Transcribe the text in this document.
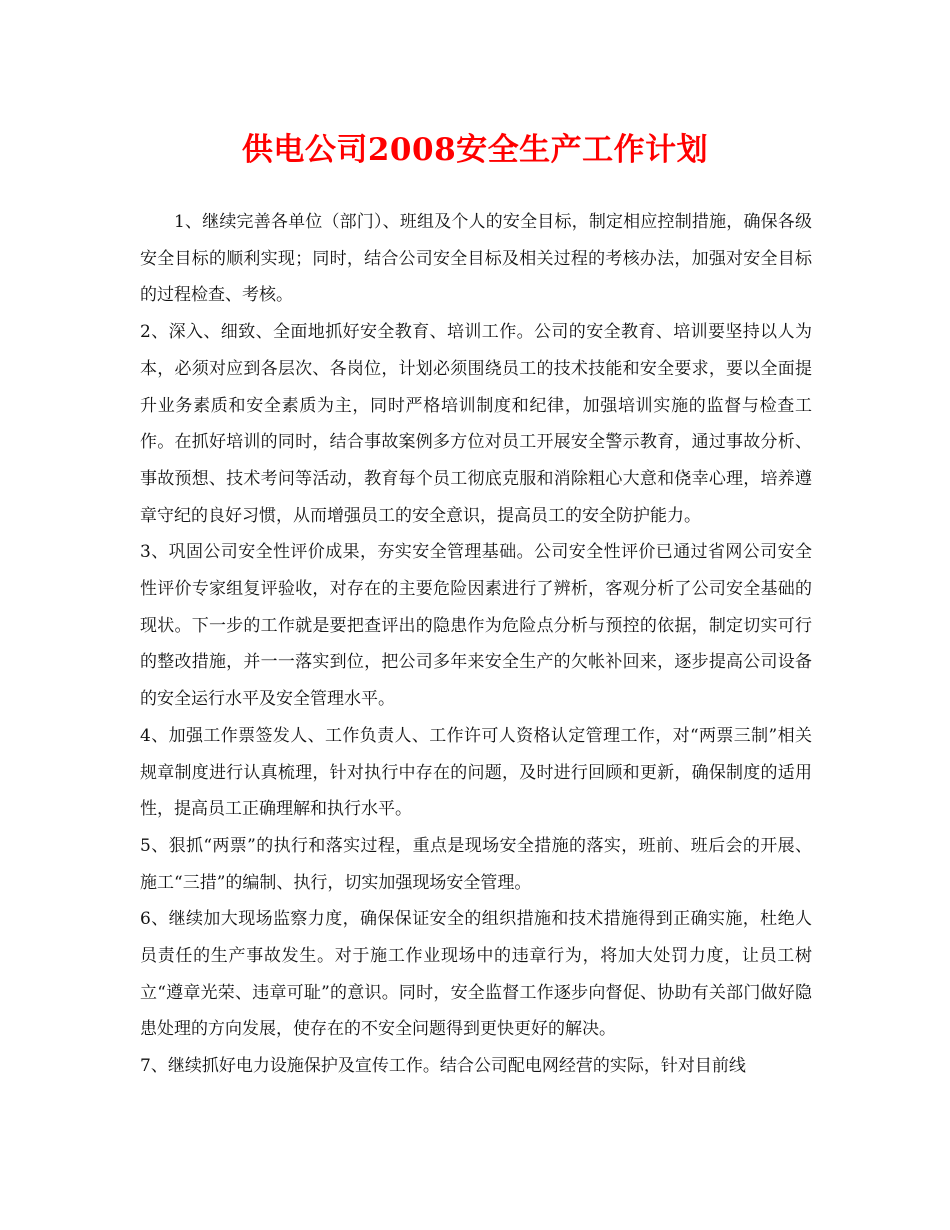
供电公司2008安全生产工作计划

1、继续完善各单位（部门）、班组及个人的安全目标，制定相应控制措施，确保各级安全目标的顺利实现；同时，结合公司安全目标及相关过程的考核办法，加强对安全目标的过程检查、考核。

2、深入、细致、全面地抓好安全教育、培训工作。公司的安全教育、培训要坚持以人为本，必须对应到各层次、各岗位，计划必须围绕员工的技术技能和安全要求，要以全面提升业务素质和安全素质为主，同时严格培训制度和纪律，加强培训实施的监督与检查工作。在抓好培训的同时，结合事故案例多方位对员工开展安全警示教育，通过事故分析、事故预想、技术考问等活动，教育每个员工彻底克服和消除粗心大意和侥幸心理，培养遵章守纪的良好习惯，从而增强员工的安全意识，提高员工的安全防护能力。

3、巩固公司安全性评价成果，夯实安全管理基础。公司安全性评价已通过省网公司安全性评价专家组复评验收，对存在的主要危险因素进行了辨析，客观分析了公司安全基础的现状。下一步的工作就是要把查评出的隐患作为危险点分析与预控的依据，制定切实可行的整改措施，并一一落实到位，把公司多年来安全生产的欠帐补回来，逐步提高公司设备的安全运行水平及安全管理水平。

4、加强工作票签发人、工作负责人、工作许可人资格认定管理工作，对“两票三制”相关规章制度进行认真梳理，针对执行中存在的问题，及时进行回顾和更新，确保制度的适用性，提高员工正确理解和执行水平。

5、狠抓“两票”的执行和落实过程，重点是现场安全措施的落实，班前、班后会的开展、施工“三措”的编制、执行，切实加强现场安全管理。

6、继续加大现场监察力度，确保保证安全的组织措施和技术措施得到正确实施，杜绝人员责任的生产事故发生。对于施工作业现场中的违章行为，将加大处罚力度，让员工树立“遵章光荣、违章可耻”的意识。同时，安全监督工作逐步向督促、协助有关部门做好隐患处理的方向发展，使存在的不安全问题得到更快更好的解决。

7、继续抓好电力设施保护及宣传工作。结合公司配电网经营的实际，针对目前线
